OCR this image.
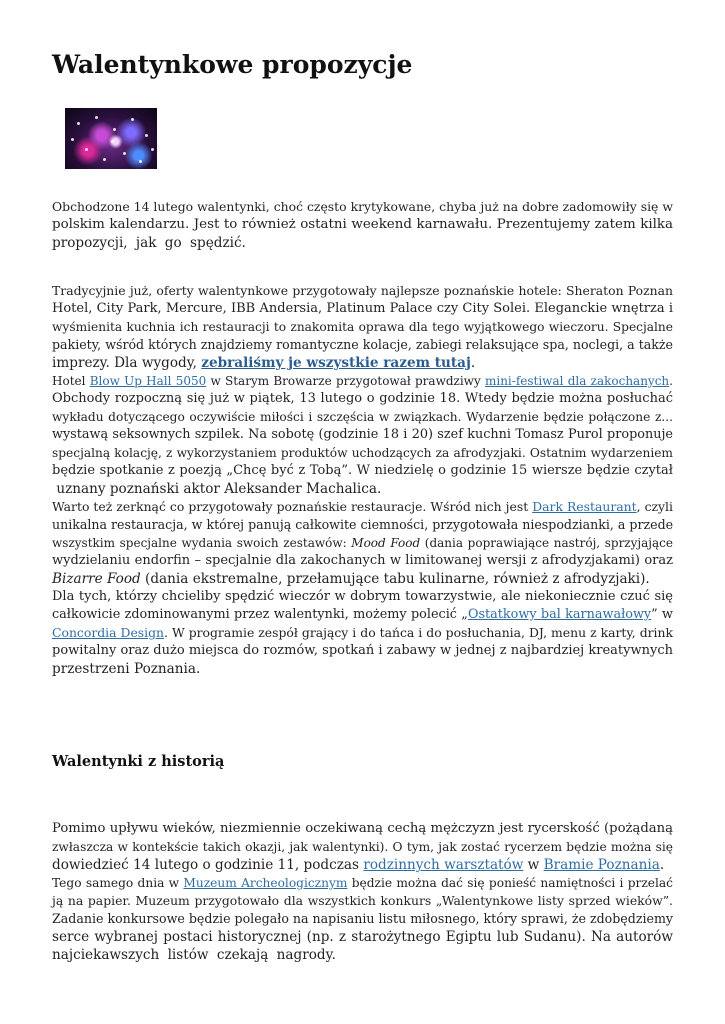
Walentynkowe propozycje
Obchodzone 14 lutego walentynki, choć często krytykowane, chyba już na dobre zadomowiły się w
polskim kalendarzu. Jest to również ostatni weekend karnawału. Prezentujemy zatem kilka
propozycji, jak go spędzić.
Tradycyjnie już, oferty walentynkowe przygotowały najlepsze poznańskie hotele: Sheraton Poznan
Hotel, City Park, Mercure, IBB Andersia, Platinum Palace czy City Solei. Eleganckie wnętrza i
wyśmienita kuchnia ich restauracji to znakomita oprawa dla tego wyjątkowego wieczoru. Specjalne
pakiety, wśród których znajdziemy romantyczne kolacje, zabiegi relaksujące spa, noclegi, a także
imprezy. Dla wygody, zebraliśmy je wszystkie razem tutaj.
Hotel Blow Up Hall 5050 w Starym Browarze przygotował prawdziwy mini-festiwal dla zakochanych.
Obchody rozpoczną się już w piątek, 13 lutego o godzinie 18. Wtedy będzie można posłuchać
wykładu dotyczącego oczywiście miłości i szczęścia w związkach. Wydarzenie będzie połączone z...
wystawą seksownych szpilek. Na sobotę (godzinie 18 i 20) szef kuchni Tomasz Purol proponuje
specjalną kolację, z wykorzystaniem produktów uchodzących za afrodyzjaki. Ostatnim wydarzeniem
będzie spotkanie z poezją „Chcę być z Tobą”. W niedzielę o godzinie 15 wiersze będzie czytał
uznany poznański aktor Aleksander Machalica.
Warto też zerknąć co przygotowały poznańskie restauracje. Wśród nich jest Dark Restaurant, czyli
unikalna restauracja, w której panują całkowite ciemności, przygotowała niespodzianki, a przede
wszystkim specjalne wydania swoich zestawów: Mood Food (dania poprawiające nastrój, sprzyjające
wydzielaniu endorfin – specjalnie dla zakochanych w limitowanej wersji z afrodyzjakami) oraz
Bizarre Food (dania ekstremalne, przełamujące tabu kulinarne, również z afrodyzjaki).
Dla tych, którzy chcieliby spędzić wieczór w dobrym towarzystwie, ale niekoniecznie czuć się
całkowicie zdominowanymi przez walentynki, możemy polecić „Ostatkowy bal karnawałowy” w
Concordia Design. W programie zespół grający i do tańca i do posłuchania, DJ, menu z karty, drink
powitalny oraz dużo miejsca do rozmów, spotkań i zabawy w jednej z najbardziej kreatywnych
przestrzeni Poznania.
Walentynki z historią
Pomimo upływu wieków, niezmiennie oczekiwaną cechą mężczyzn jest rycerskość (pożądaną
zwłaszcza w kontekście takich okazji, jak walentynki). O tym, jak zostać rycerzem będzie można się
dowiedzieć 14 lutego o godzinie 11, podczas rodzinnych warsztatów w Bramie Poznania.
Tego samego dnia w Muzeum Archeologicznym będzie można dać się ponieść namiętności i przelać
ją na papier. Muzeum przygotowało dla wszystkich konkurs „Walentynkowe listy sprzed wieków”.
Zadanie konkursowe będzie polegało na napisaniu listu miłosnego, który sprawi, że zdobędziemy
serce wybranej postaci historycznej (np. z starożytnego Egiptu lub Sudanu). Na autorów
najciekawszych listów czekają nagrody.
